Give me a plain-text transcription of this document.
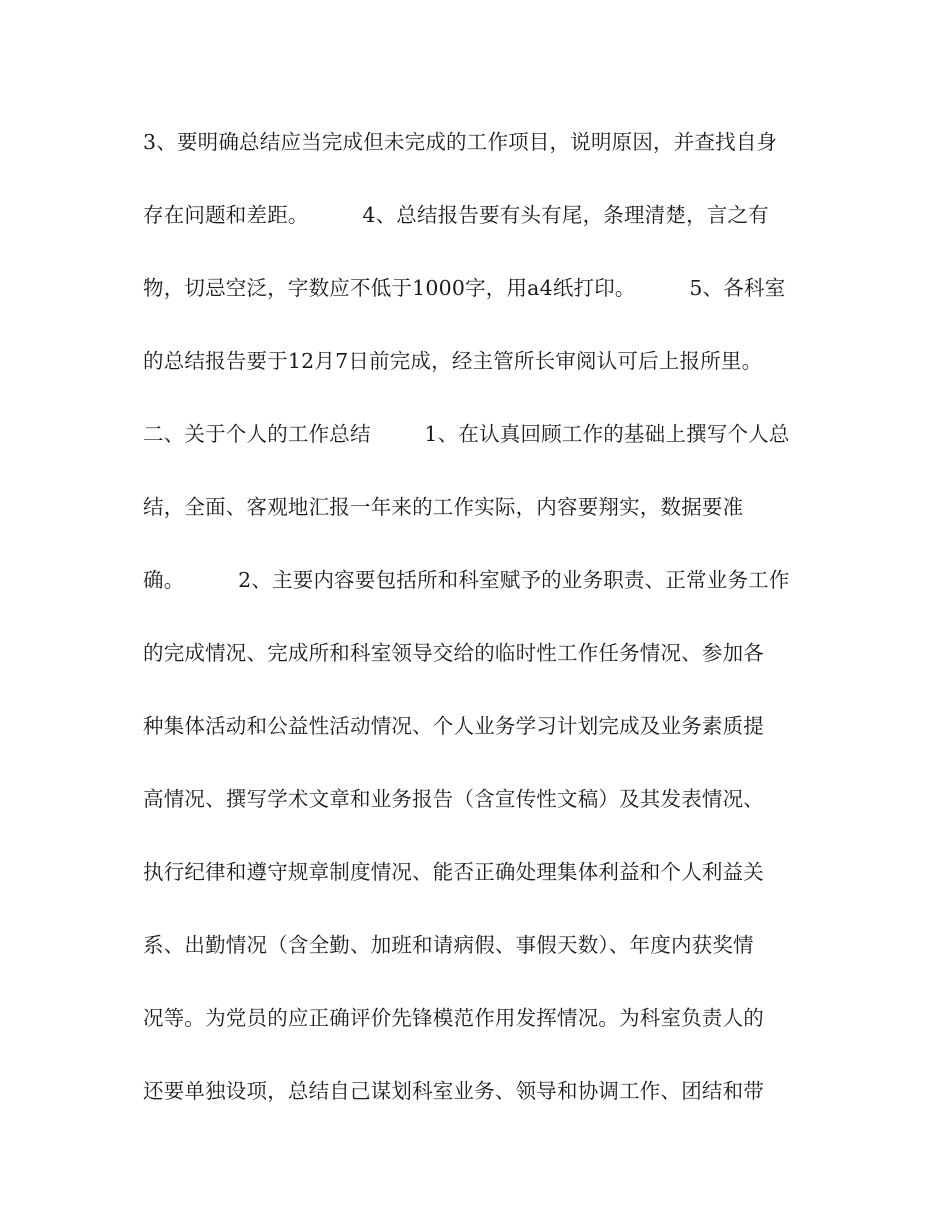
3、要明确总结应当完成但未完成的工作项目，说明原因，并查找自身
存在问题和差距。        4、总结报告要有头有尾，条理清楚，言之有
物，切忌空泛，字数应不低于1000字，用a4纸打印。        5、各科室
的总结报告要于12月7日前完成，经主管所长审阅认可后上报所里。
二、关于个人的工作总结        1、在认真回顾工作的基础上撰写个人总
结，全面、客观地汇报一年来的工作实际，内容要翔实，数据要准
确。        2、主要内容要包括所和科室赋予的业务职责、正常业务工作
的完成情况、完成所和科室领导交给的临时性工作任务情况、参加各
种集体活动和公益性活动情况、个人业务学习计划完成及业务素质提
高情况、撰写学术文章和业务报告（含宣传性文稿）及其发表情况、
执行纪律和遵守规章制度情况、能否正确处理集体利益和个人利益关
系、出勤情况（含全勤、加班和请病假、事假天数）、年度内获奖情
况等。为党员的应正确评价先锋模范作用发挥情况。为科室负责人的
还要单独设项，总结自己谋划科室业务、领导和协调工作、团结和带
